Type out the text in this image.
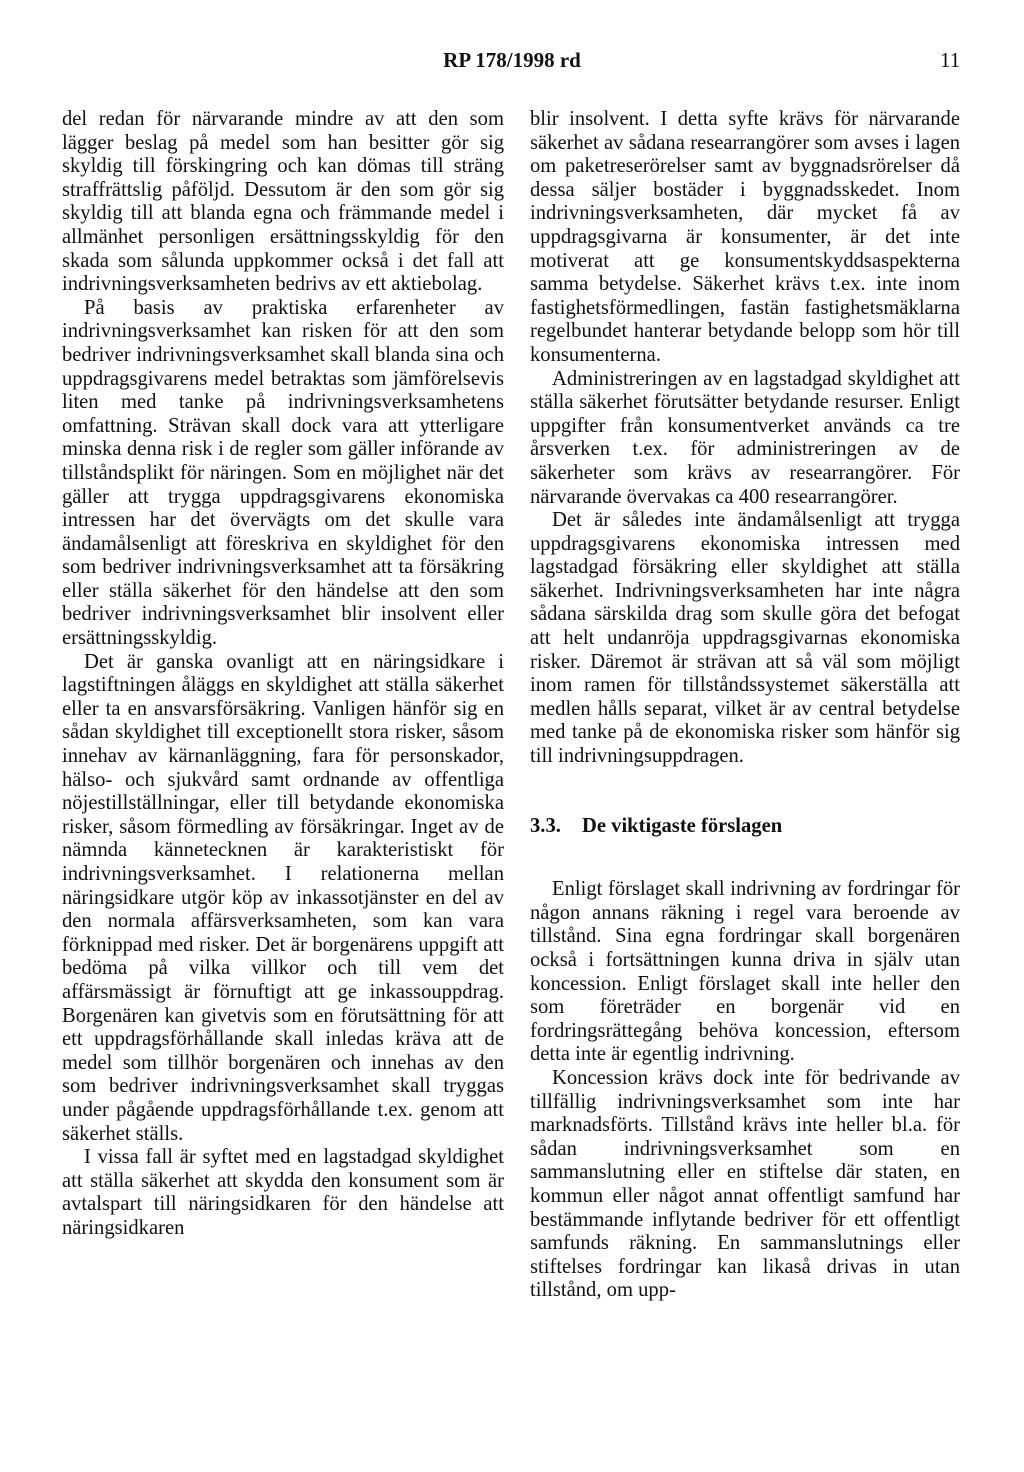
RP 178/1998 rd	11

del redan för närvarande mindre av att den som lägger beslag på medel som han besitter gör sig skyldig till förskingring och kan dömas till sträng straffrättslig påföljd. Dessutom är den som gör sig skyldig till att blanda egna och främmande medel i allmänhet personligen ersättningsskyldig för den skada som sålunda uppkommer också i det fall att indrivningsverksamheten bedrivs av ett aktiebolag.

På basis av praktiska erfarenheter av indrivningsverksamhet kan risken för att den som bedriver indrivningsverksamhet skall blanda sina och uppdragsgivarens medel betraktas som jämförelsevis liten med tanke på indrivningsverksamhetens omfattning. Strävan skall dock vara att ytterligare minska denna risk i de regler som gäller införande av tillståndsplikt för näringen. Som en möjlighet när det gäller att trygga uppdragsgivarens ekonomiska intressen har det övervägts om det skulle vara ändamålsenligt att föreskriva en skyldighet för den som bedriver indrivningsverksamhet att ta försäkring eller ställa säkerhet för den händelse att den som bedriver indrivningsverksamhet blir insolvent eller ersättningsskyldig.

Det är ganska ovanligt att en näringsidkare i lagstiftningen åläggs en skyldighet att ställa säkerhet eller ta en ansvarsförsäkring. Vanligen hänför sig en sådan skyldighet till exceptionellt stora risker, såsom innehav av kärnanläggning, fara för personskador, hälso- och sjukvård samt ordnande av offentliga nöjestillställningar, eller till betydande ekonomiska risker, såsom förmedling av försäkringar. Inget av de nämnda kännetecknen är karakteristiskt för indrivningsverksamhet. I relationerna mellan näringsidkare utgör köp av inkassotjänster en del av den normala affärsverksamheten, som kan vara förknippad med risker. Det är borgenärens uppgift att bedöma på vilka villkor och till vem det affärsmässigt är förnuftigt att ge inkassouppdrag. Borgenären kan givetvis som en förutsättning för att ett uppdragsförhållande skall inledas kräva att de medel som tillhör borgenären och innehas av den som bedriver indrivningsverksamhet skall tryggas under pågående uppdragsförhållande t.ex. genom att säkerhet ställs.

I vissa fall är syftet med en lagstadgad skyldighet att ställa säkerhet att skydda den konsument som är avtalspart till näringsidkaren för den händelse att näringsidkaren

blir insolvent. I detta syfte krävs för närvarande säkerhet av sådana researrangörer som avses i lagen om paketreserörelser samt av byggnadsrörelser då dessa säljer bostäder i byggnadsskedet. Inom indrivningsverksamheten, där mycket få av uppdragsgivarna är konsumenter, är det inte motiverat att ge konsumentskyddsaspekterna samma betydelse. Säkerhet krävs t.ex. inte inom fastighetsförmedlingen, fastän fastighetsmäklarna regelbundet hanterar betydande belopp som hör till konsumenterna.

Administreringen av en lagstadgad skyldighet att ställa säkerhet förutsätter betydande resurser. Enligt uppgifter från konsumentverket används ca tre årsverken t.ex. för administreringen av de säkerheter som krävs av researrangörer. För närvarande övervakas ca 400 researrangörer.

Det är således inte ändamålsenligt att trygga uppdragsgivarens ekonomiska intressen med lagstadgad försäkring eller skyldighet att ställa säkerhet. Indrivningsverksamheten har inte några sådana särskilda drag som skulle göra det befogat att helt undanröja uppdragsgivarnas ekonomiska risker. Däremot är strävan att så väl som möjligt inom ramen för tillståndssystemet säkerställa att medlen hålls separat, vilket är av central betydelse med tanke på de ekonomiska risker som hänför sig till indrivningsuppdragen.

3.3.	De viktigaste förslagen

Enligt förslaget skall indrivning av fordringar för någon annans räkning i regel vara beroende av tillstånd. Sina egna fordringar skall borgenären också i fortsättningen kunna driva in själv utan koncession. Enligt förslaget skall inte heller den som företräder en borgenär vid en fordringsrättegång behöva koncession, eftersom detta inte är egentlig indrivning.

Koncession krävs dock inte för bedrivande av tillfällig indrivningsverksamhet som inte har marknadsförts. Tillstånd krävs inte heller bl.a. för sådan indrivningsverksamhet som en sammanslutning eller en stiftelse där staten, en kommun eller något annat offentligt samfund har bestämmande inflytande bedriver för ett offentligt samfunds räkning. En sammanslutnings eller stiftelses fordringar kan likaså drivas in utan tillstånd, om upp-
